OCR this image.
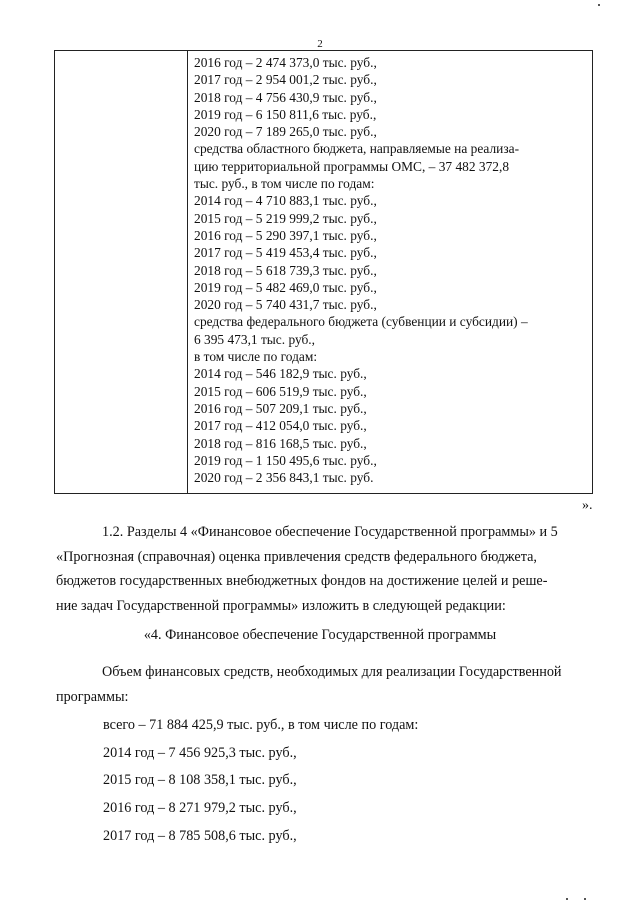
2

2016 год – 2 474 373,0 тыс. руб.,
2017 год – 2 954 001,2 тыс. руб.,
2018 год – 4 756 430,9 тыс. руб.,
2019 год – 6 150 811,6 тыс. руб.,
2020 год – 7 189 265,0 тыс. руб.,
средства областного бюджета, направляемые на реализа-
цию территориальной программы ОМС, – 37 482 372,8
тыс. руб., в том числе по годам:
2014 год – 4 710 883,1 тыс. руб.,
2015 год – 5 219 999,2 тыс. руб.,
2016 год – 5 290 397,1 тыс. руб.,
2017 год – 5 419 453,4 тыс. руб.,
2018 год – 5 618 739,3 тыс. руб.,
2019 год – 5 482 469,0 тыс. руб.,
2020 год – 5 740 431,7 тыс. руб.,
средства федерального бюджета (субвенции и субсидии) –
6 395 473,1 тыс. руб.,
в том числе по годам:
2014 год – 546 182,9 тыс. руб.,
2015 год – 606 519,9 тыс. руб.,
2016 год – 507 209,1 тыс. руб.,
2017 год – 412 054,0 тыс. руб.,
2018 год – 816 168,5 тыс. руб.,
2019 год – 1 150 495,6 тыс. руб.,
2020 год – 2 356 843,1 тыс. руб.
».
1.2. Разделы 4 «Финансовое обеспечение Государственной программы» и 5
«Прогнозная (справочная) оценка привлечения средств федерального бюджета,
бюджетов государственных внебюджетных фондов на достижение целей и реше-
ние задач Государственной программы» изложить в следующей редакции:
«4. Финансовое обеспечение Государственной программы
Объем финансовых средств, необходимых для реализации Государственной
программы:
всего – 71 884 425,9 тыс. руб., в том числе по годам:
2014 год – 7 456 925,3 тыс. руб.,
2015 год – 8 108 358,1 тыс. руб.,
2016 год – 8 271 979,2 тыс. руб.,
2017 год – 8 785 508,6 тыс. руб.,
